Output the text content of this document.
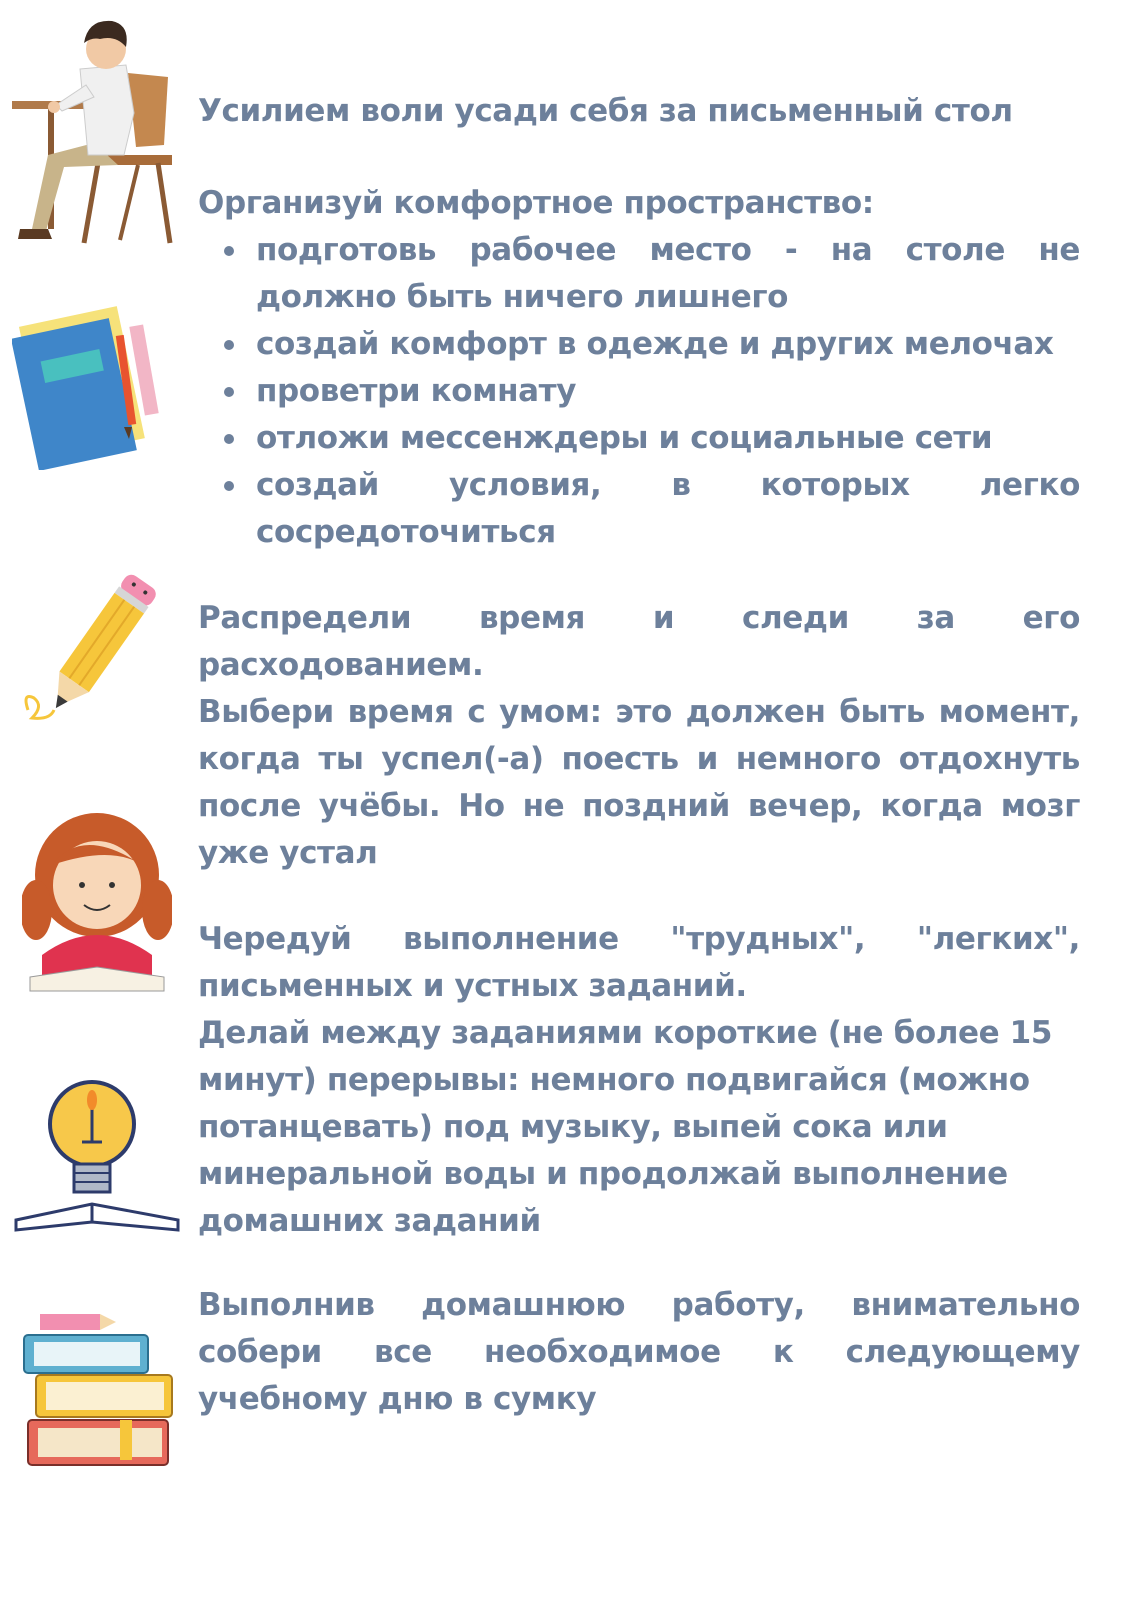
Усилием воли усади себя за письменный стол

Организуй комфортное пространство:

подготовь рабочее место - на столе не должно быть ничего лишнего
создай комфорт в одежде и других мелочах
проветри комнату
отложи мессенждеры и социальные сети
создай условия, в которых легко сосредоточиться

Распредели время и следи за его расходованием.

Выбери время с умом: это должен быть момент, когда ты успел(-а) поесть и немного отдохнуть после учёбы. Но не поздний вечер, когда мозг уже устал

Чередуй выполнение "трудных", "легких", письменных и устных заданий.

Делай между заданиями короткие (не более 15 минут) перерывы: немного подвигайся (можно потанцевать) под музыку, выпей сока или минеральной воды и продолжай выполнение домашних заданий

Выполнив домашнюю работу, внимательно собери все необходимое к следующему учебному дню в сумку
